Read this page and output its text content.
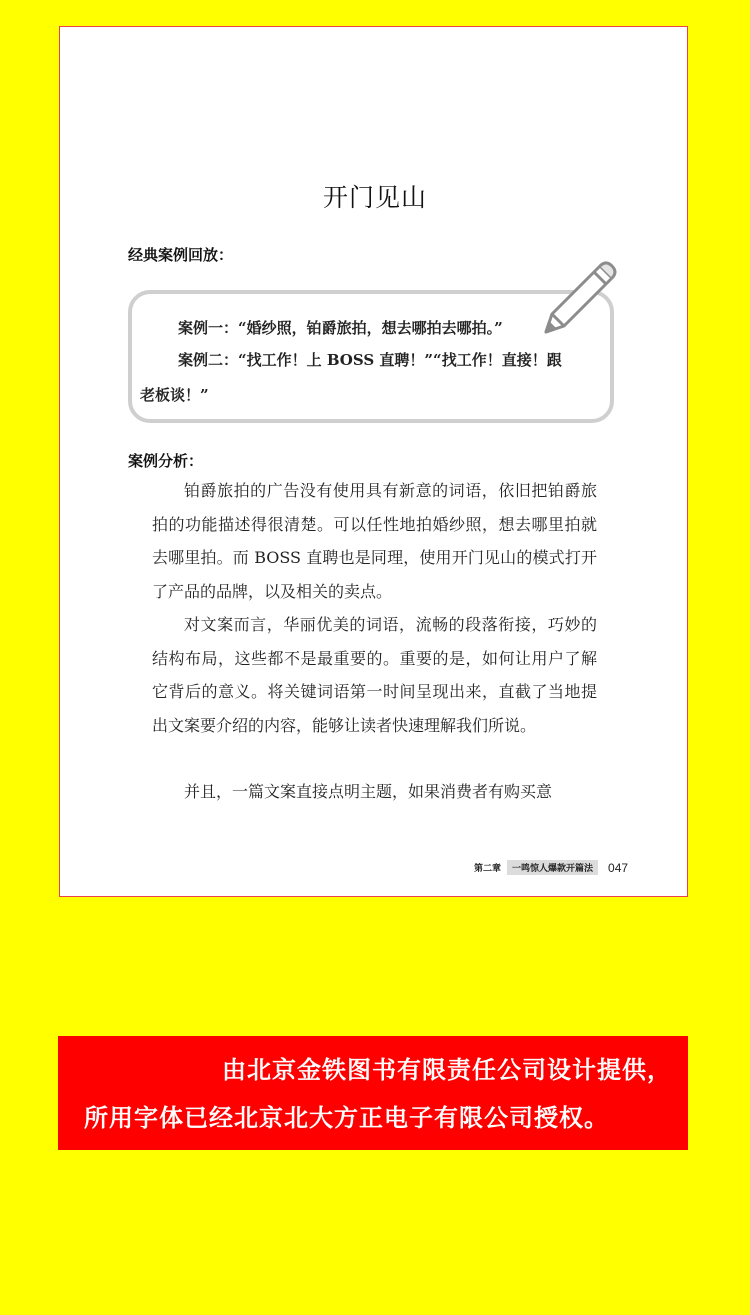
开门见山
经典案例回放：
案例一：“婚纱照，铂爵旅拍，想去哪拍去哪拍。”
案例二：“找工作！上 BOSS 直聘！”“找工作！直接！跟
老板谈！”
案例分析：
铂爵旅拍的广告没有使用具有新意的词语，依旧把铂爵旅拍的功能描述得很清楚。可以任性地拍婚纱照，想去哪里拍就去哪里拍。而 BOSS 直聘也是同理，使用开门见山的模式打开了产品的品牌，以及相关的卖点。
对文案而言，华丽优美的词语，流畅的段落衔接，巧妙的结构布局，这些都不是最重要的。重要的是，如何让用户了解它背后的意义。将关键词语第一时间呈现出来，直截了当地提出文案要介绍的内容，能够让读者快速理解我们所说。
并且，一篇文案直接点明主题，如果消费者有购买意
第二章	一鸣惊人爆款开篇法	047
由北京金铁图书有限责任公司设计提供，
所用字体已经北京北大方正电子有限公司授权。
